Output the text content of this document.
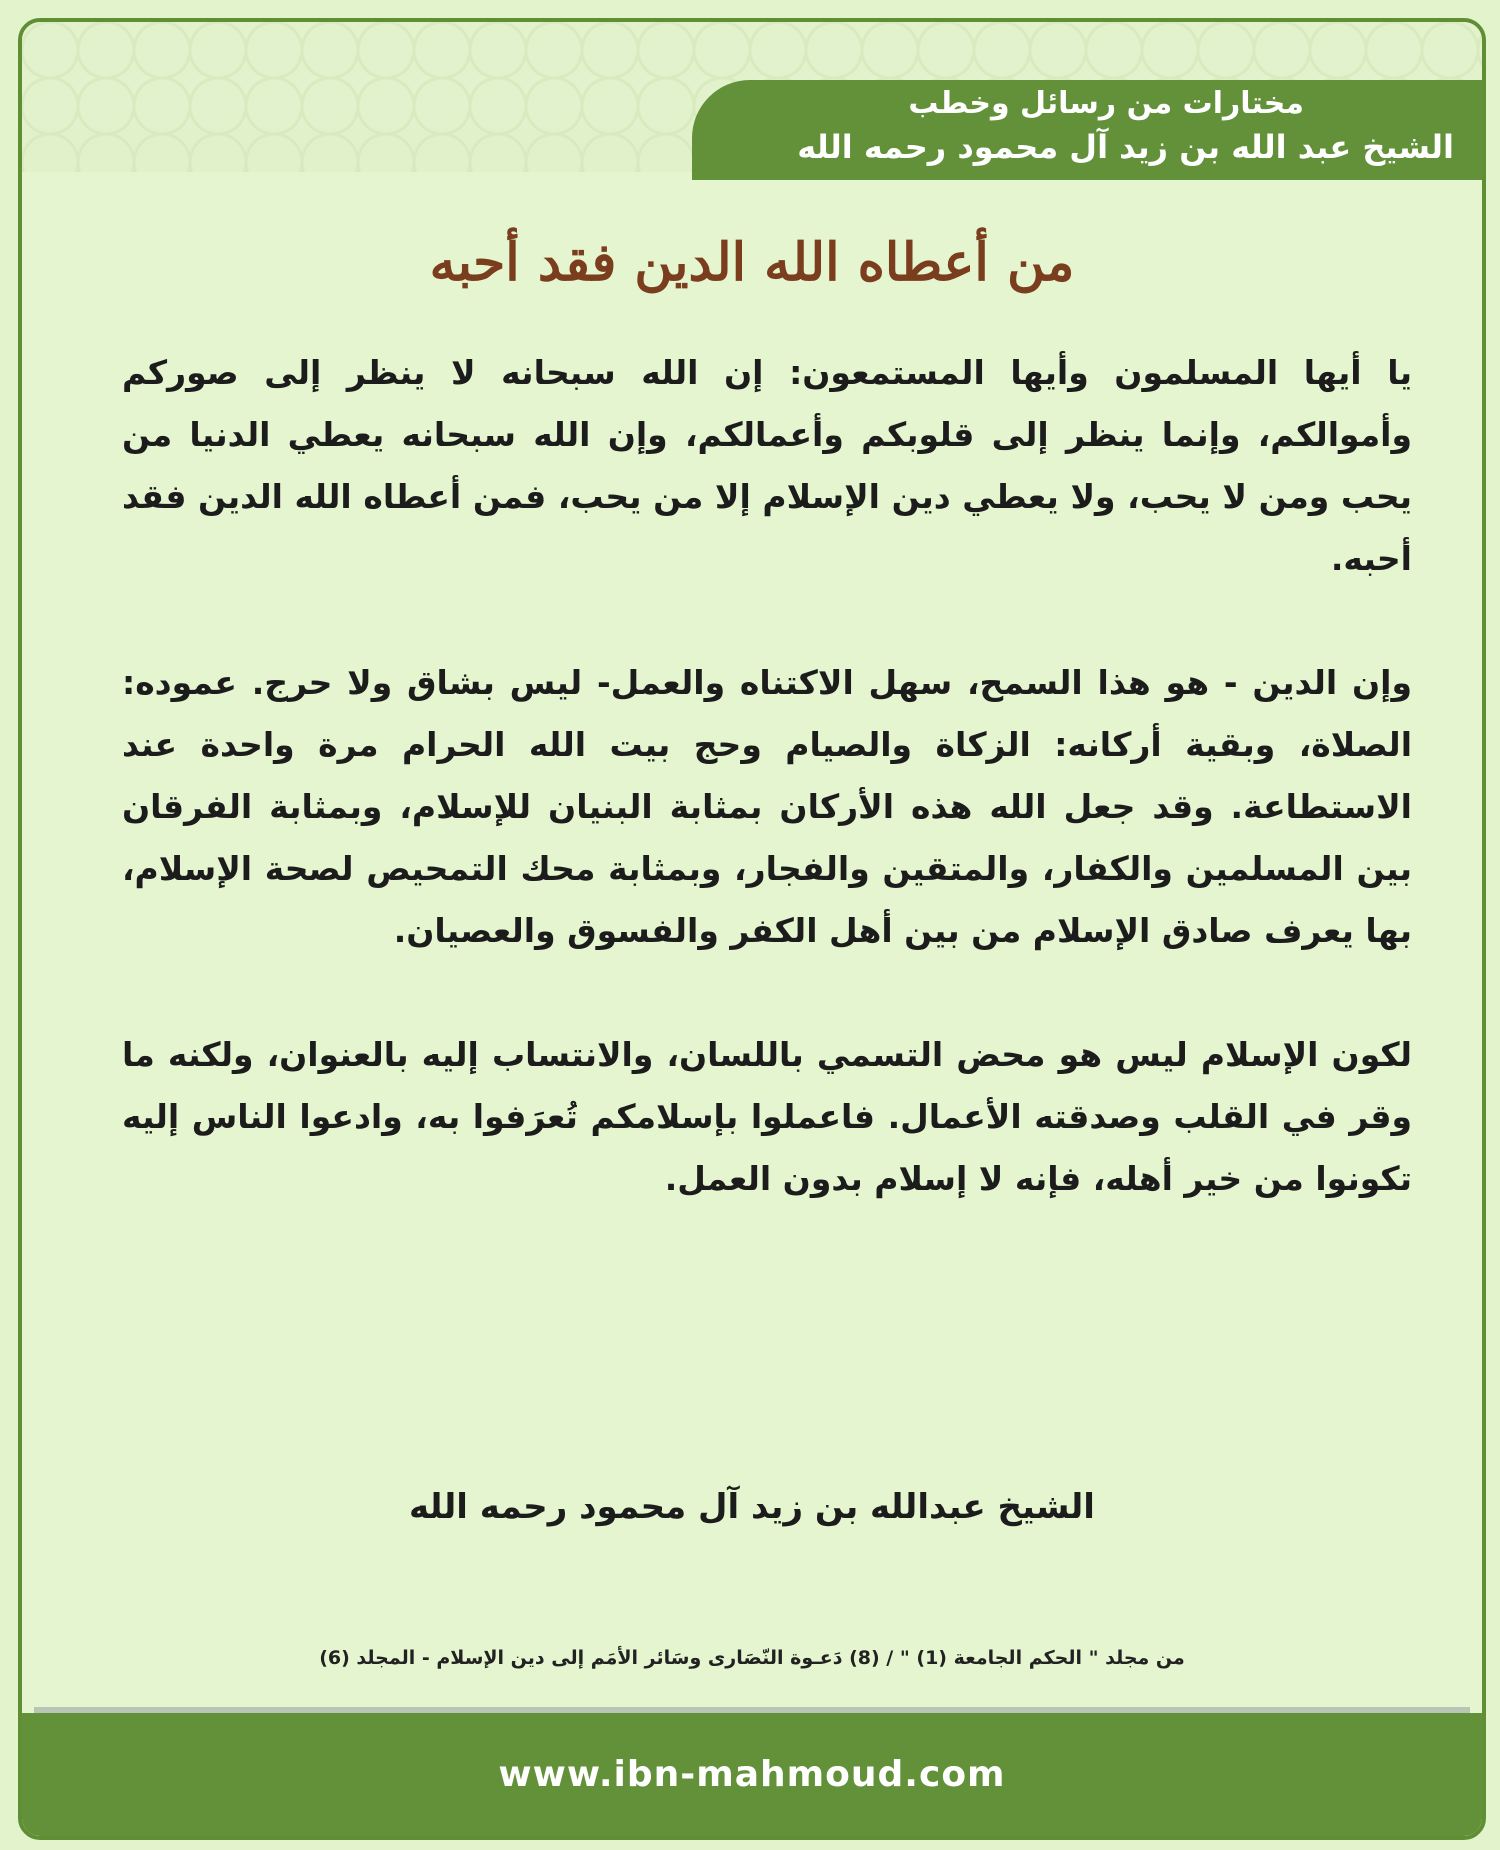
مختارات من رسائل وخطب
الشيخ عبد الله بن زيد آل محمود رحمه الله
من أعطاه الله الدين فقد أحبه

يا أيها المسلمون وأيها المستمعون: إن الله سبحانه لا ينظر إلى صوركم وأموالكم، وإنما ينظر إلى قلوبكم وأعمالكم، وإن الله سبحانه يعطي الدنيا من يحب ومن لا يحب، ولا يعطي دين الإسلام إلا من يحب، فمن أعطاه الله الدين فقد أحبه.

وإن الدين - هو هذا السمح، سهل الاكتناه والعمل- ليس بشاق ولا حرج. عموده: الصلاة، وبقية أركانه: الزكاة والصيام وحج بيت الله الحرام مرة واحدة عند الاستطاعة. وقد جعل الله هذه الأركان بمثابة البنيان للإسلام، وبمثابة الفرقان بين المسلمين والكفار، والمتقين والفجار، وبمثابة محك التمحيص لصحة الإسلام، بها يعرف صادق الإسلام من بين أهل الكفر والفسوق والعصيان.

لكون الإسلام ليس هو محض التسمي باللسان، والانتساب إليه بالعنوان، ولكنه ما وقر في القلب وصدقته الأعمال. فاعملوا بإسلامكم تُعرَفوا به، وادعوا الناس إليه تكونوا من خير أهله، فإنه لا إسلام بدون العمل.

الشيخ عبدالله بن زيد آل محمود رحمه الله
من مجلد " الحكم الجامعة (1) " / (8) دَعـوة النّصَارى وسَائر الأمَم إلى دين الإسلام - المجلد (6)
www.ibn-mahmoud.com
